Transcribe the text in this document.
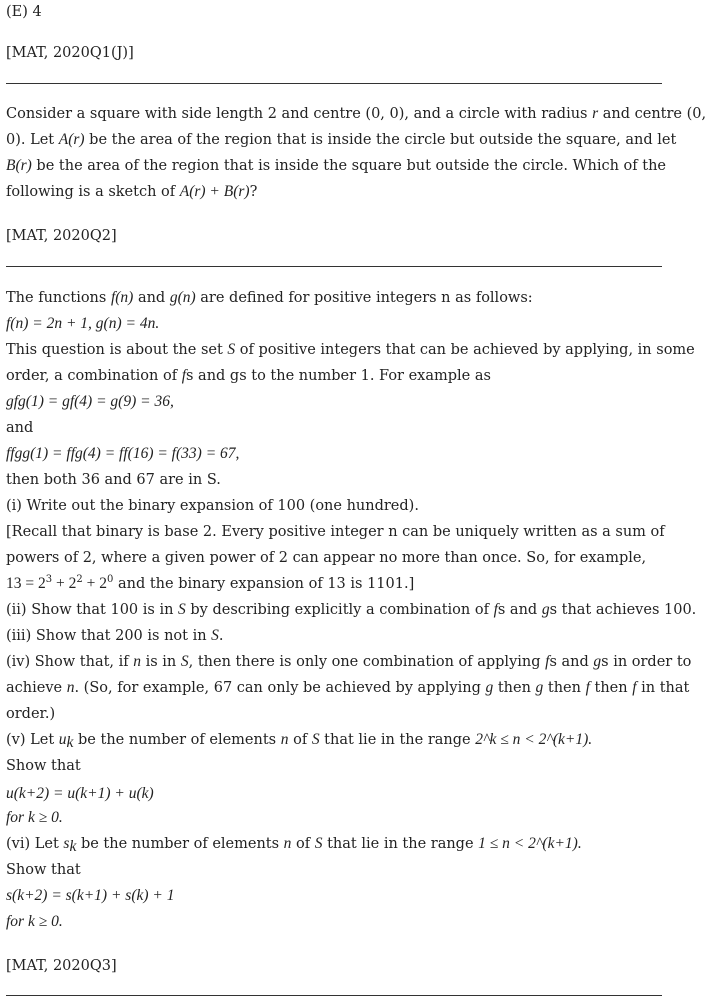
(E) 4
[MAT, 2020Q1(J)]
Consider a square with side length 2 and centre (0, 0), and a circle with radius r and centre (0,
0). Let A(r) be the area of the region that is inside the circle but outside the square, and let
B(r) be the area of the region that is inside the square but outside the circle. Which of the
following is a sketch of A(r) + B(r)?
[MAT, 2020Q2]
The functions f(n) and g(n) are defined for positive integers n as follows:
f(n) = 2n + 1, g(n) = 4n.
This question is about the set S of positive integers that can be achieved by applying, in some
order, a combination of fs and gs to the number 1. For example as
gfg(1) = gf(4) = g(9) = 36,
and
ffgg(1) = ffg(4) = ff(16) = f(33) = 67,
then both 36 and 67 are in S.
(i) Write out the binary expansion of 100 (one hundred).
[Recall that binary is base 2. Every positive integer n can be uniquely written as a sum of
powers of 2, where a given power of 2 can appear no more than once. So, for example,
$13 = 2^3 + 2^2 + 2^0$ and the binary expansion of 13 is 1101.]
(ii) Show that 100 is in S by describing explicitly a combination of fs and gs that achieves 100.
(iii) Show that 200 is not in S.
(iv) Show that, if n is in S, then there is only one combination of applying fs and gs in order to
achieve n. (So, for example, 67 can only be achieved by applying g then g then f then f in that
order.)
(v) Let $u_k$ be the number of elements n of S that lie in the range 2^k ≤ n < 2^(k+1).
Show that
u(k+2) = u(k+1) + u(k)
for k ≥ 0.
(vi) Let $s_k$ be the number of elements n of S that lie in the range 1 ≤ n < 2^(k+1).
Show that
s(k+2) = s(k+1) + s(k) + 1
for k ≥ 0.
[MAT, 2020Q3]
